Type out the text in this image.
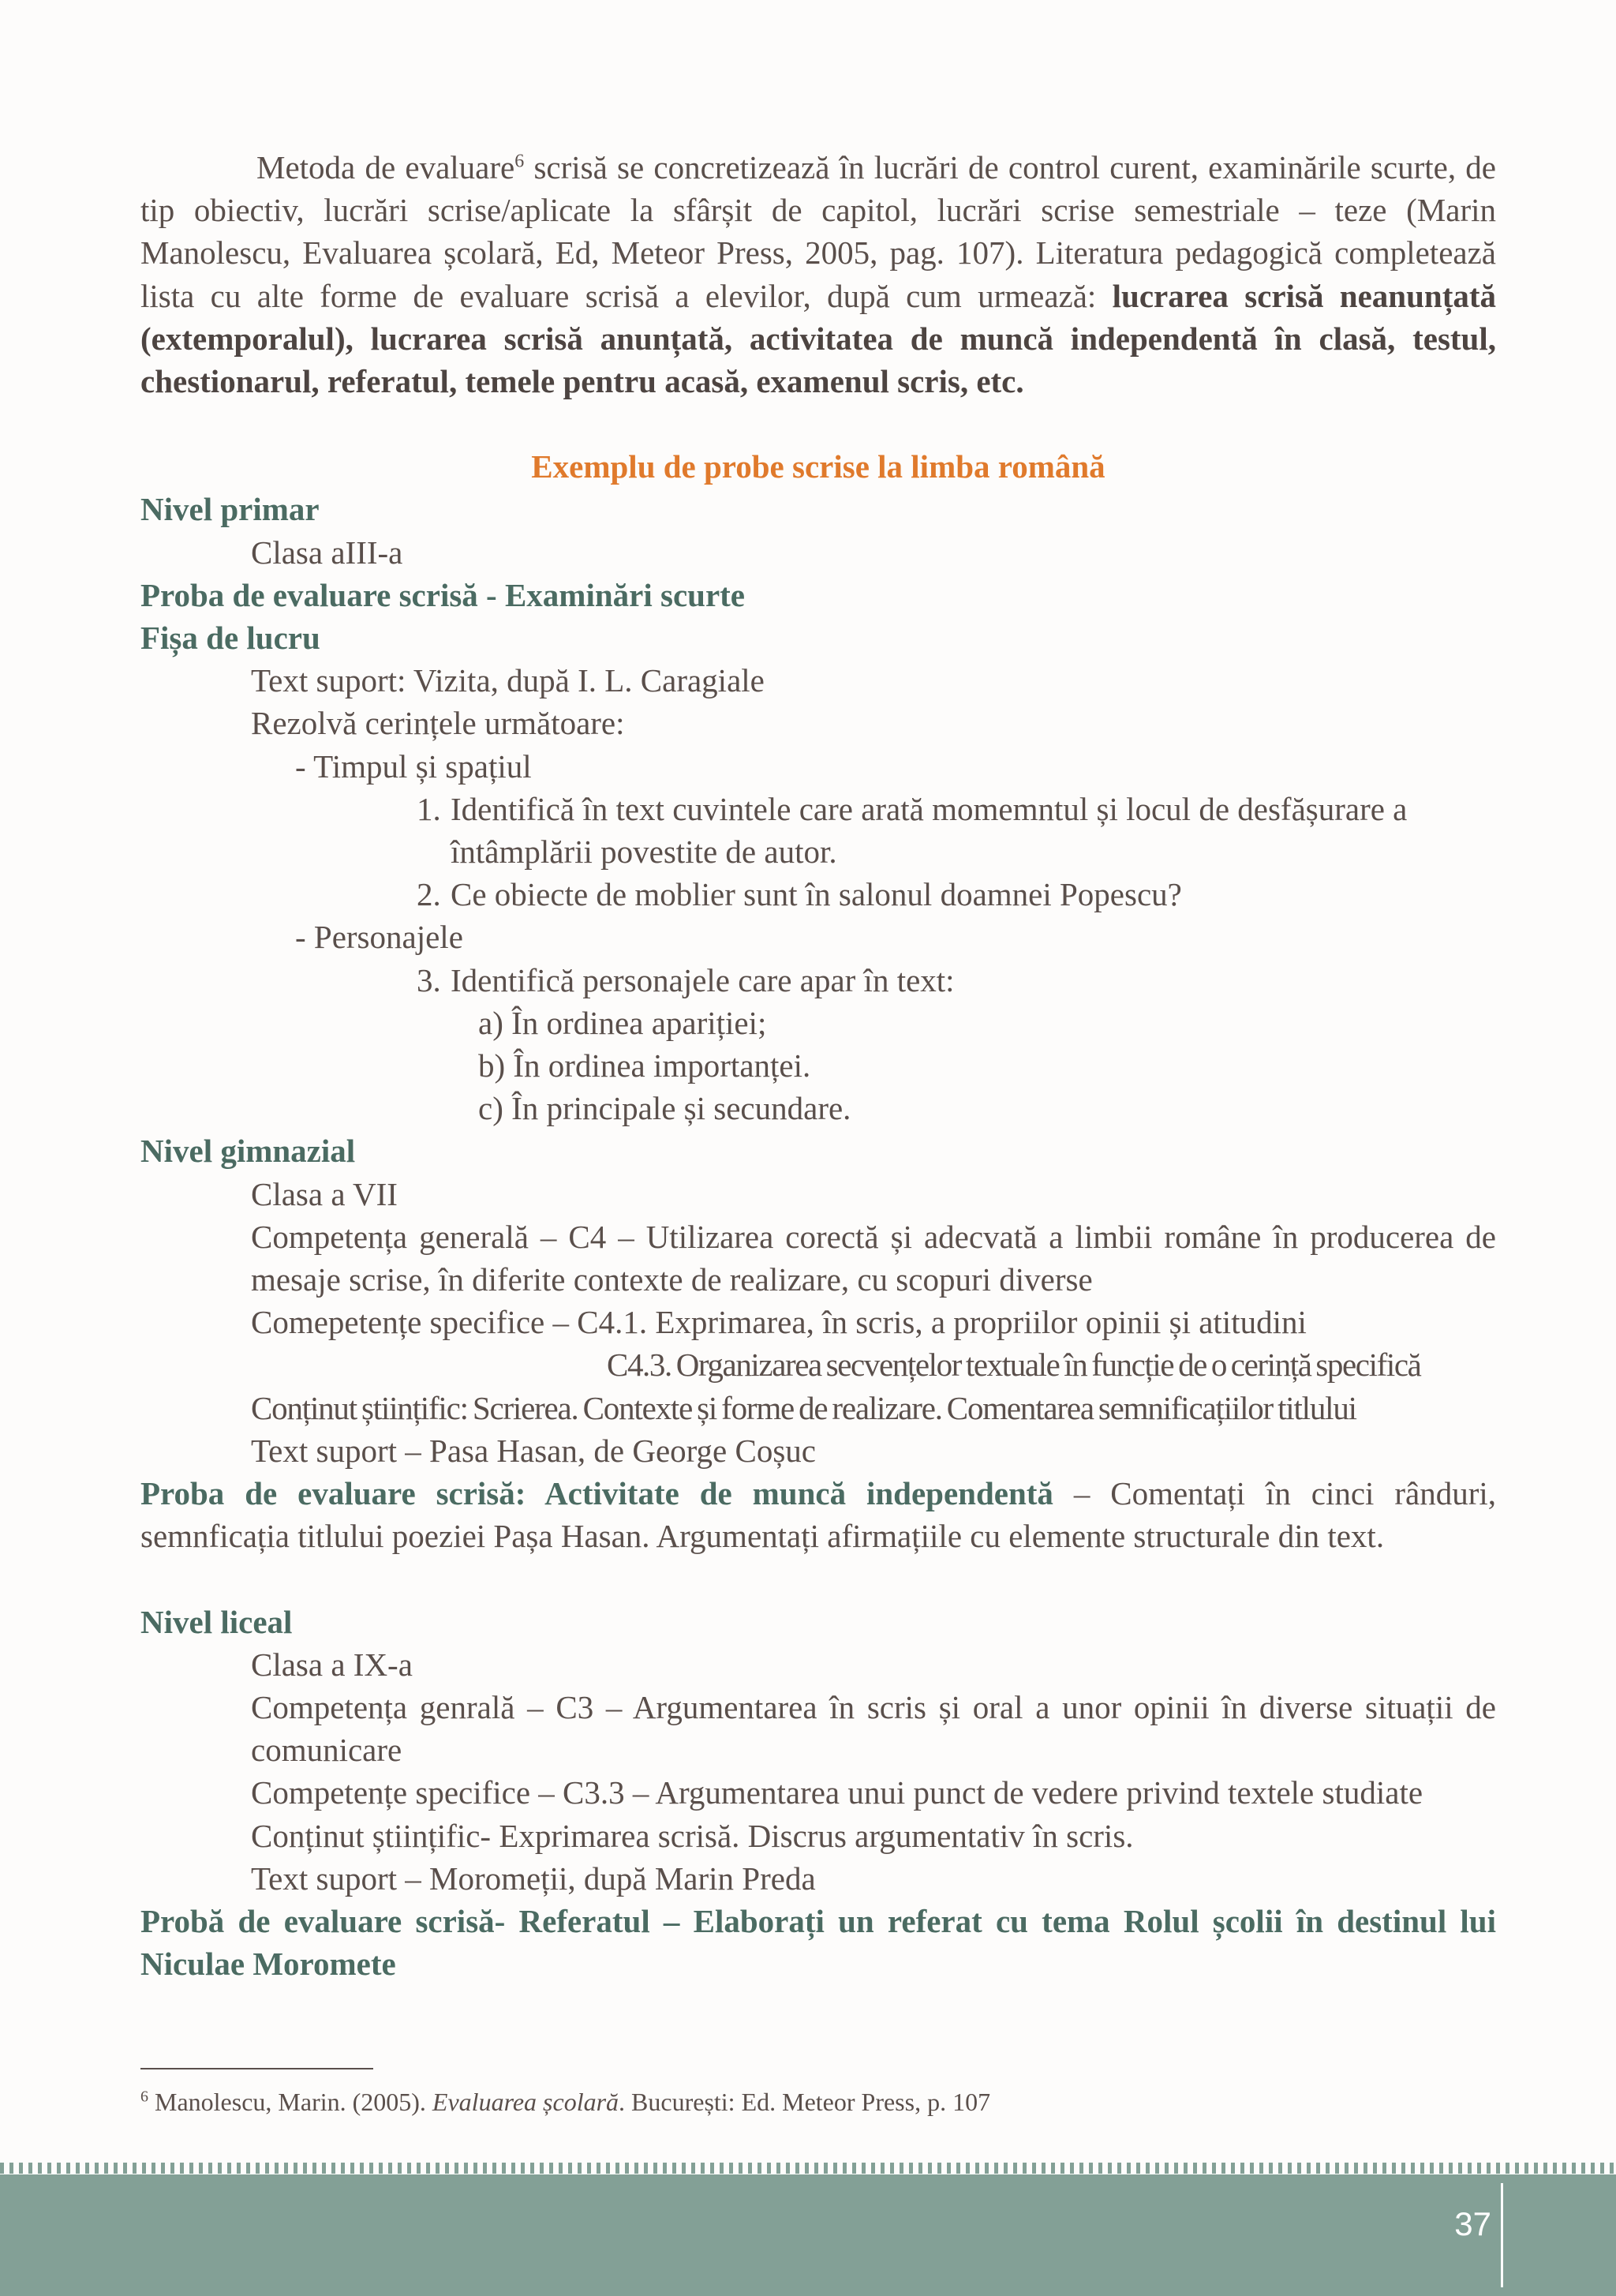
Metoda de evaluare$^6$ scrisă se concretizează în lucrări de control curent, examinările scurte, de tip obiectiv, lucrări scrise/aplicate la sfârșit de capitol, lucrări scrise semestriale – teze (Marin Manolescu, Evaluarea școlară, Ed, Meteor Press, 2005, pag. 107). Literatura pedagogică completează lista cu alte forme de evaluare scrisă a elevilor, după cum urmează: lucrarea scrisă neanunțată (extemporalul), lucrarea scrisă anunțată, activitatea de muncă independentă în clasă, testul, chestionarul, referatul, temele pentru acasă, examenul scris, etc.

Exemplu de probe scrise la limba română
Nivel primar
Clasa aIII-a
Proba de evaluare scrisă - Examinări scurte
Fișa de lucru
Text suport: Vizita, după I. L. Caragiale
Rezolvă cerințele următoare:
- Timpul și spațiul
1. Identifică în text cuvintele care arată momemntul și locul de desfășurare a întâmplării povestite de autor.
2. Ce obiecte de moblier sunt în salonul doamnei Popescu?
- Personajele
3. Identifică personajele care apar în text:
a) În ordinea apariției;
b) În ordinea importanței.
c) În principale și secundare.
Nivel gimnazial
Clasa a VII
Competența generală – C4 – Utilizarea corectă și adecvată a limbii române în producerea de mesaje scrise, în diferite contexte de realizare, cu scopuri diverse
Comepetențe specifice – C4.1. Exprimarea, în scris, a propriilor opinii și atitudini
C4.3. Organizarea secvențelor textuale în funcție de o cerință specifică
Conținut științific: Scrierea. Contexte și forme de realizare. Comentarea semnificațiilor titlului
Text suport – Pasa Hasan, de George Coșuc

Proba de evaluare scrisă: Activitate de muncă independentă – Comentați în cinci rânduri, semnficația titlului poeziei Pașa Hasan. Argumentați afirmațiile cu elemente structurale din text.

Nivel liceal
Clasa a IX-a
Competența genrală – C3 – Argumentarea în scris și oral a unor opinii în diverse situații de comunicare
Competențe specifice – C3.3 – Argumentarea unui punct de vedere privind textele studiate
Conținut științific- Exprimarea scrisă. Discrus argumentativ în scris.
Text suport – Moromeții, după Marin Preda

Probă de evaluare scrisă- Referatul – Elaborați un referat cu tema Rolul școlii în destinul lui Niculae Moromete

$^6$ Manolescu, Marin. (2005). Evaluarea școlară. București: Ed. Meteor Press, p. 107
37
